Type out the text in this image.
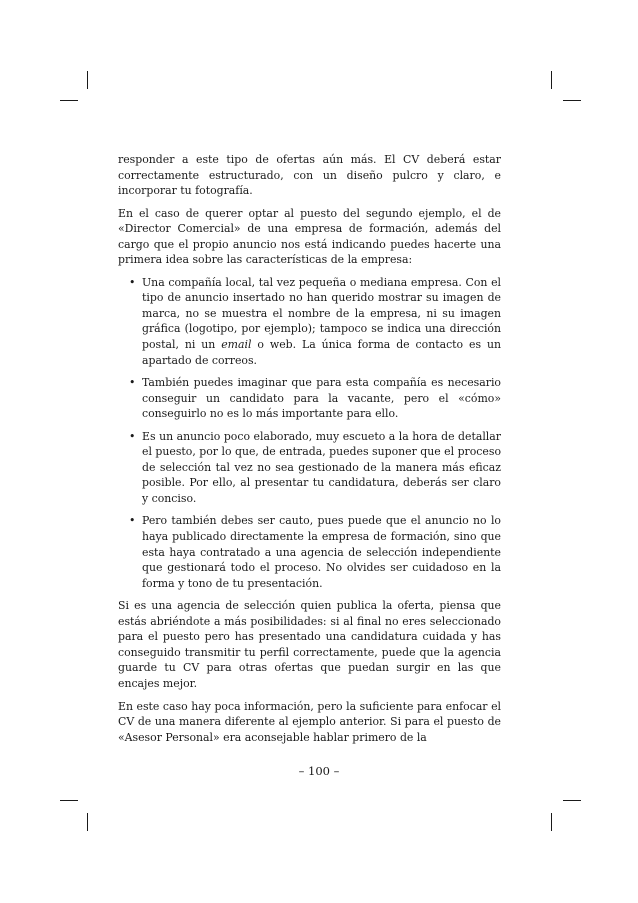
responder a este tipo de ofertas aún más. El CV deberá estar correctamente estructurado, con un diseño pulcro y claro, e incorporar tu fotografía.

En el caso de querer optar al puesto del segundo ejemplo, el de «Director Comercial» de una empresa de formación, además del cargo que el propio anuncio nos está indicando puedes hacerte una primera idea sobre las características de la empresa:

• Una compañía local, tal vez pequeña o mediana empresa. Con el tipo de anuncio insertado no han querido mostrar su imagen de marca, no se muestra el nombre de la empresa, ni su imagen gráfica (logotipo, por ejemplo); tampoco se indica una dirección postal, ni un email o web. La única forma de contacto es un apartado de correos.
• También puedes imaginar que para esta compañía es necesario conseguir un candidato para la vacante, pero el «cómo» conseguirlo no es lo más importante para ello.
• Es un anuncio poco elaborado, muy escueto a la hora de detallar el puesto, por lo que, de entrada, puedes suponer que el proceso de selección tal vez no sea gestionado de la manera más eficaz posible. Por ello, al presentar tu candidatura, deberás ser claro y conciso.
• Pero también debes ser cauto, pues puede que el anuncio no lo haya publicado directamente la empresa de formación, sino que esta haya contratado a una agencia de selección independiente que gestionará todo el proceso. No olvides ser cuidadoso en la forma y tono de tu presentación.

Si es una agencia de selección quien publica la oferta, piensa que estás abriéndote a más posibilidades: si al final no eres seleccionado para el puesto pero has presentado una candidatura cuidada y has conseguido transmitir tu perfil correctamente, puede que la agencia guarde tu CV para otras ofertas que puedan surgir en las que encajes mejor.

En este caso hay poca información, pero la suficiente para enfocar el CV de una manera diferente al ejemplo anterior. Si para el puesto de «Asesor Personal» era aconsejable hablar primero de la

– 100 –
